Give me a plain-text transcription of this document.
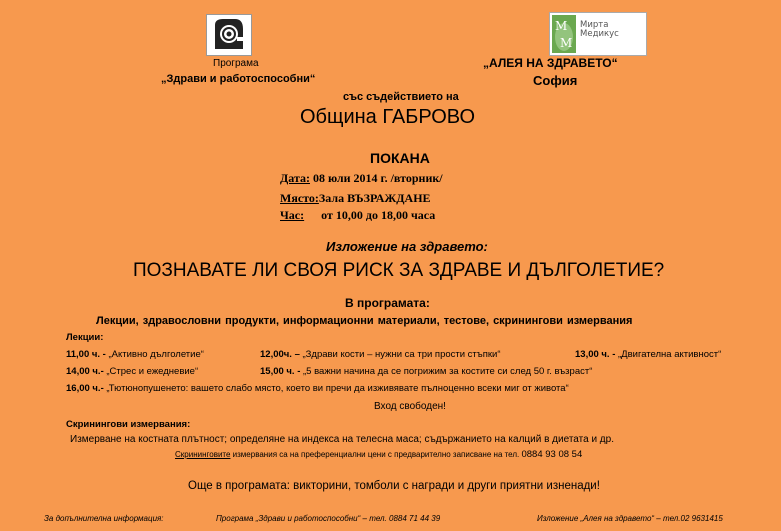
M
M
Мирта Медикус
Програма
„Здрави и работоспособни“
„АЛЕЯ НА ЗДРАВЕТО“
София
със съдействието на
Община ГАБРОВО
ПОКАНА
Дата: 08 юли 2014 г. /вторник/
Място:Зала ВЪЗРАЖДАНЕ
Час: от 10,00 до 18,00 часа
Изложение на здравето:
ПОЗНАВАТЕ ЛИ СВОЯ РИСК ЗА ЗДРАВЕ И ДЪЛГОЛЕТИЕ?
В програмата:
Лекции, здравословни продукти, информационни материали, тестове, скринингови измервания
Лекции:
11,00 ч. - „Активно дълголетие“	12,00ч. – „Здрави кости – нужни са три прости стъпки“	13,00 ч. - „Двигателна активност“
14,00 ч.- „Стрес и ежедневие“	15,00 ч. - „5 важни начина да се погрижим за костите си след 50 г. възраст“
16,00 ч.- „Тютюнопушенето: вашето слабо място, което ви пречи да изживявате пълноценно всеки миг от живота“
Вход свободен!
Скринингови измервания:
Измерване на костната плътност; определяне на индекса на телесна маса; съдържанието на калций в диетата и др.
Скрининговите измервания са на преференциални цени с предварително записване на тел. 0884 93 08 54
Още в програмата: викторини, томболи с награди и други приятни изненади!
За допълнителна информация:	Програма „Здрави и работоспособни“ – тел. 0884 71 44 39	Изложение „Алея на здравето“ – тел.02 9631415
